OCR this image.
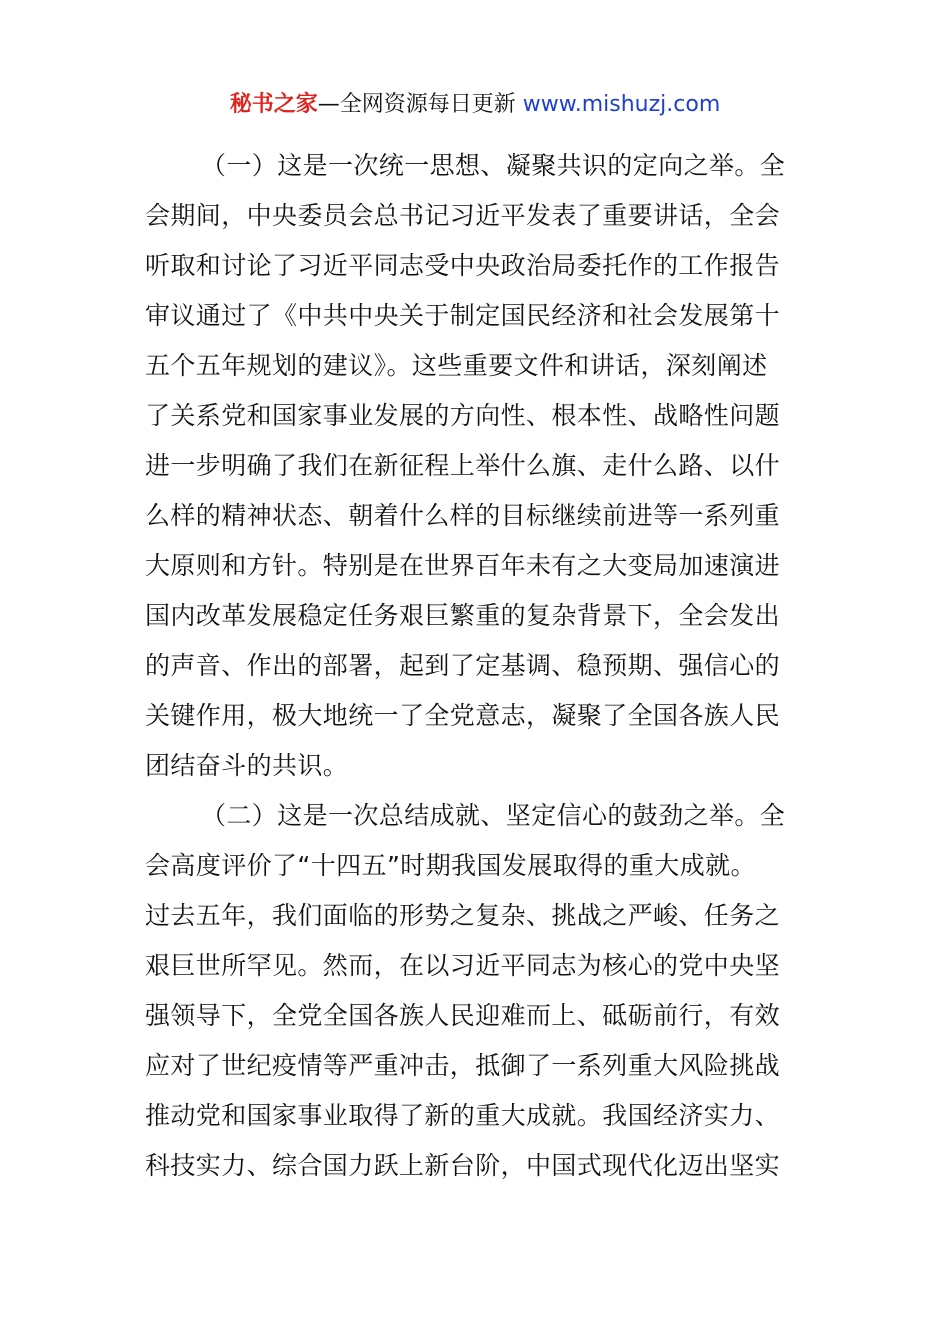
秘书之家—全网资源每日更新 www.mishuzj.com
（一）这是一次统一思想、凝聚共识的定向之举。全
会期间，中央委员会总书记习近平发表了重要讲话，全会
听取和讨论了习近平同志受中央政治局委托作的工作报告
审议通过了《中共中央关于制定国民经济和社会发展第十
五个五年规划的建议》。这些重要文件和讲话，深刻阐述
了关系党和国家事业发展的方向性、根本性、战略性问题
进一步明确了我们在新征程上举什么旗、走什么路、以什
么样的精神状态、朝着什么样的目标继续前进等一系列重
大原则和方针。特别是在世界百年未有之大变局加速演进
国内改革发展稳定任务艰巨繁重的复杂背景下，全会发出
的声音、作出的部署，起到了定基调、稳预期、强信心的
关键作用，极大地统一了全党意志，凝聚了全国各族人民
团结奋斗的共识。
（二）这是一次总结成就、坚定信心的鼓劲之举。全
会高度评价了“十四五”时期我国发展取得的重大成就。
过去五年，我们面临的形势之复杂、挑战之严峻、任务之
艰巨世所罕见。然而，在以习近平同志为核心的党中央坚
强领导下，全党全国各族人民迎难而上、砥砺前行，有效
应对了世纪疫情等严重冲击，抵御了一系列重大风险挑战
推动党和国家事业取得了新的重大成就。我国经济实力、
科技实力、综合国力跃上新台阶，中国式现代化迈出坚实
